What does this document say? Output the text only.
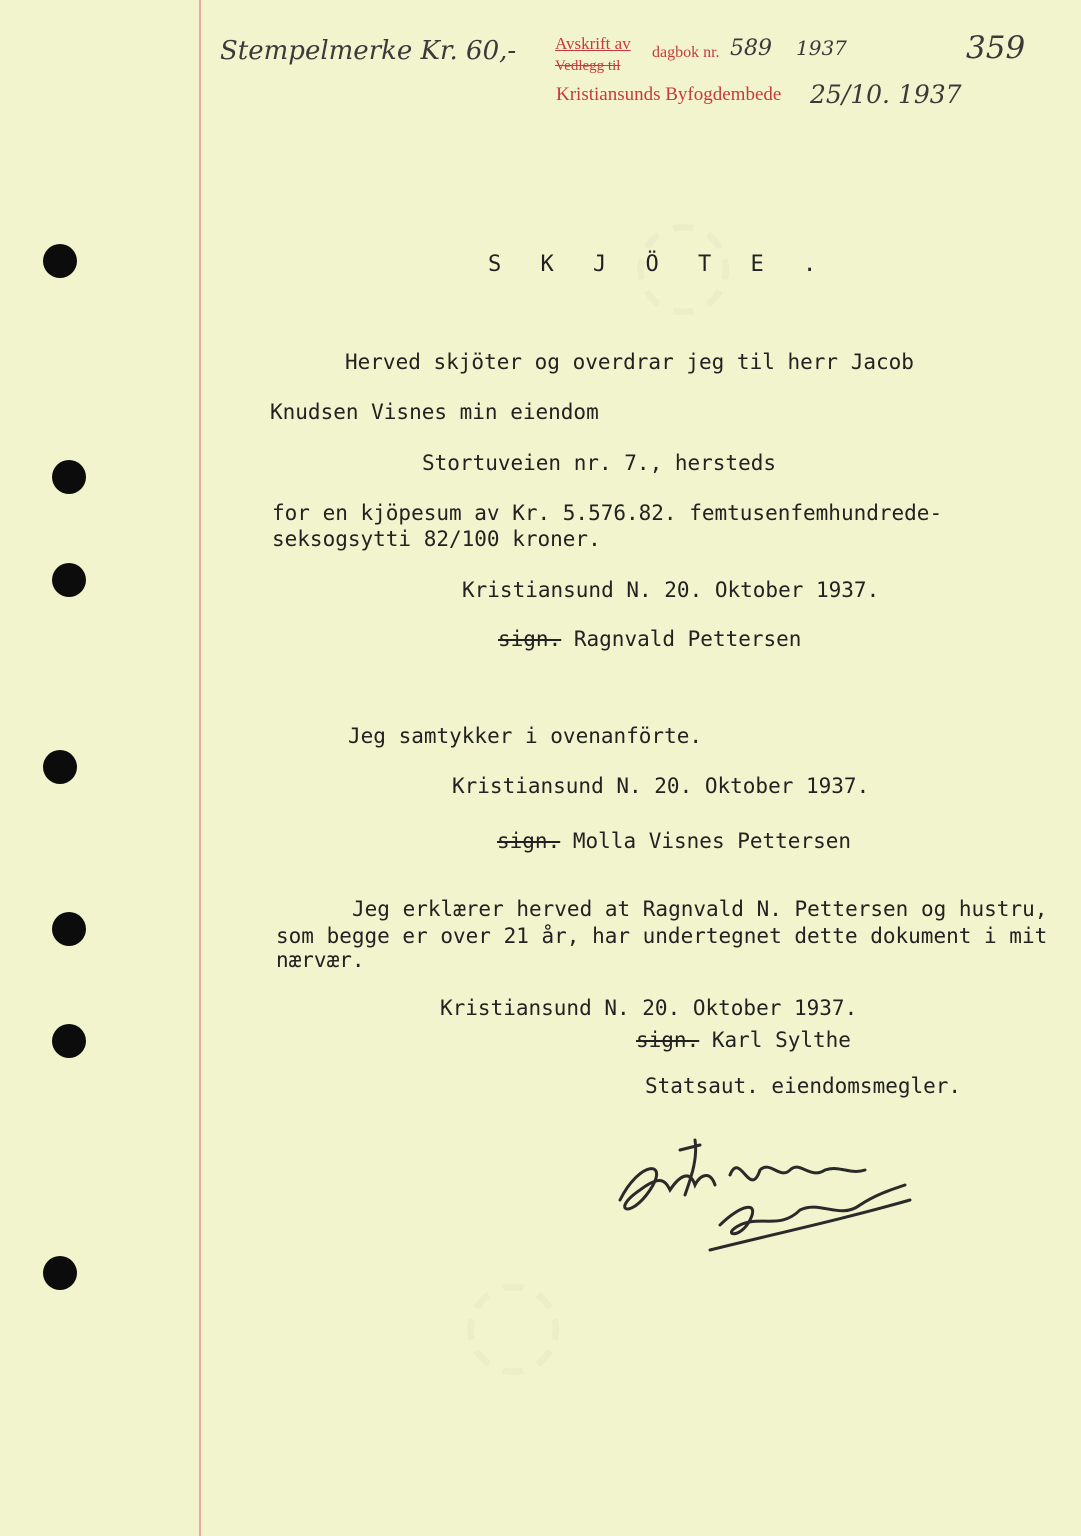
Stempelmerke Kr. 60,- Avskrift av
Vedlegg til
dagbok nr. 589 1937
Kristiansunds Byfogdembede 25/10. 1937
359
S K J Ö T E .
Herved skjöter og overdrar jeg til herr Jacob
Knudsen Visnes min eiendom
Stortuveien nr. 7., hersteds
for en kjöpesum av Kr. 5.576.82. femtusenfemhundrede-
seksogsytti 82/100 kroner.
Kristiansund N. 20. Oktober 1937.
sign. Ragnvald Pettersen
Jeg samtykker i ovenanförte.
Kristiansund N. 20. Oktober 1937.
sign. Molla Visnes Pettersen
Jeg erklærer herved at Ragnvald N. Pettersen og hustru,
som begge er over 21 år, har undertegnet dette dokument i mit
nærvær.
Kristiansund N. 20. Oktober 1937.
sign. Karl Sylthe
Statsaut. eiendomsmegler.
